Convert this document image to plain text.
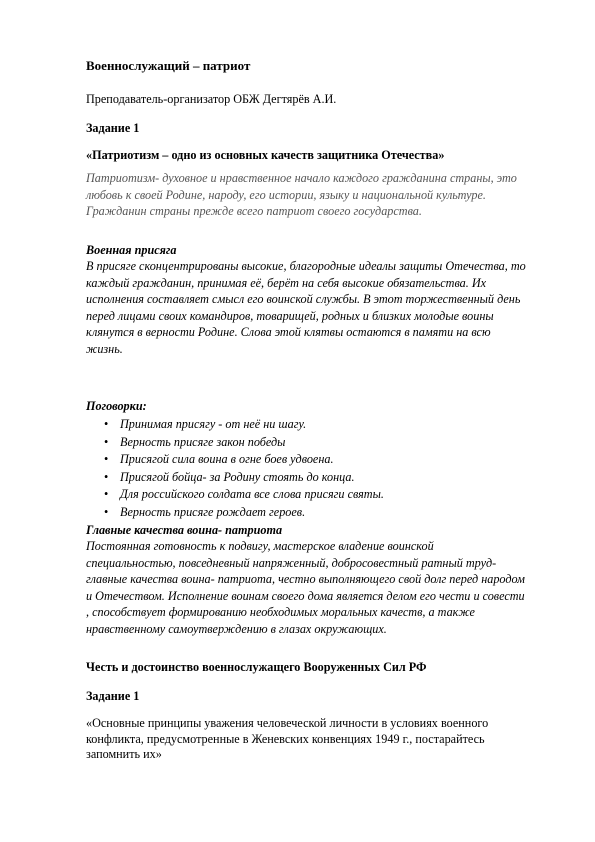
Военнослужащий – патриот

Преподаватель-организатор ОБЖ Дегтярёв А.И.

Задание 1

«Патриотизм – одно из основных качеств защитника Отечества»

Патриотизм- духовное и нравственное начало каждого гражданина страны, это любовь к своей Родине, народу, его истории, языку и национальной культуре. Гражданин страны прежде всего патриот своего государства.

Военная присяга

В присяге сконцентрированы высокие, благородные идеалы защиты Отечества, то каждый гражданин, принимая её, берёт на себя высокие обязательства. Их исполнения составляет смысл его воинской службы. В этот торжественный день перед лицами своих командиров, товарищей, родных и близких молодые воины клянутся в верности Родине. Слова этой клятвы остаются в памяти на всю жизнь.

Поговорки:

• Принимая присягу - от неё ни шагу.
• Верность присяге закон победы
• Присягой сила воина в огне боев удвоена.
• Присягой бойца- за Родину стоять до конца.
• Для российского солдата все слова присяги святы.
• Верность присяге рождает героев.

Главные качества воина- патриота

Постоянная готовность к подвигу, мастерское владение воинской специальностью, повседневный напряженный, добросовестный ратный труд- главные качества воина- патриота, честно выполняющего свой долг перед народом и Отечеством. Исполнение воинам своего дома является делом его чести и совести , способствует формированию необходимых моральных качеств, а также нравственному самоутверждению в глазах окружающих.

Честь и достоинство военнослужащего Вооруженных Сил РФ

Задание 1

«Основные принципы уважения человеческой личности в условиях военного конфликта, предусмотренные в Женевских конвенциях 1949 г., постарайтесь запомнить их»
